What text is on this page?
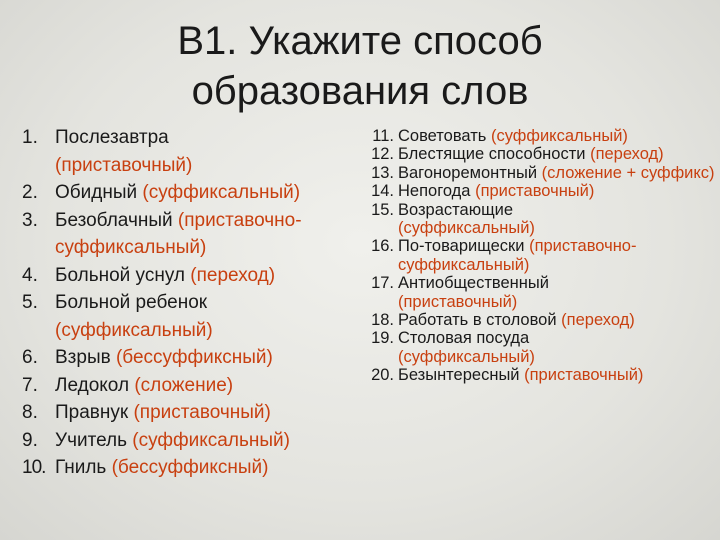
В1. Укажите способ
образования слов
1. Послезавтра
(приставочный)
2. Обидный (суффиксальный)
3. Безоблачный (приставочно-суффиксальный)
4. Больной уснул (переход)
5. Больной ребенок
(суффиксальный)
6. Взрыв (бессуффиксный)
7. Ледокол (сложение)
8. Правнук (приставочный)
9. Учитель (суффиксальный)
10. Гниль (бессуффиксный)
11. Советовать (суффиксальный)
12. Блестящие способности (переход)
13. Вагоноремонтный (сложение + суффикс)
14. Непогода (приставочный)
15. Возрастающие
(суффиксальный)
16. По-товарищески (приставочно-суффиксальный)
17. Антиобщественный
(приставочный)
18. Работать в столовой (переход)
19. Столовая посуда
(суффиксальный)
20. Безынтересный (приставочный)
